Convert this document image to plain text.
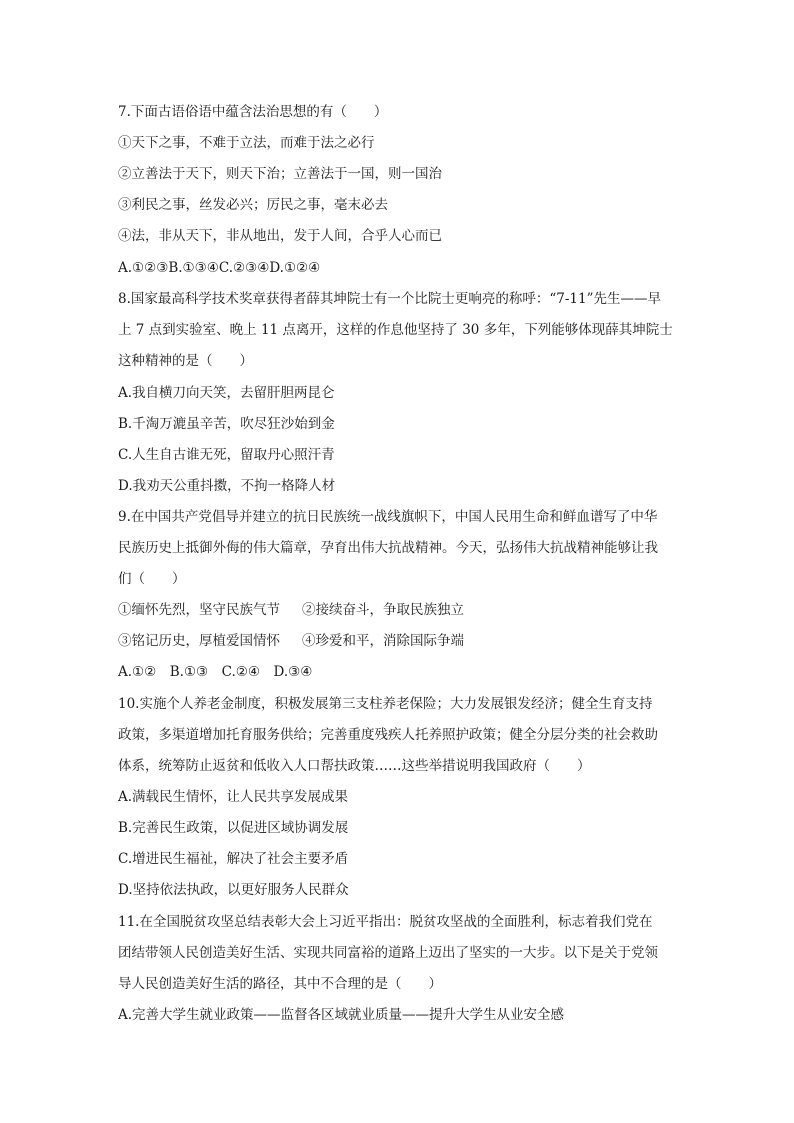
7.下面古语俗语中蕴含法治思想的有（　　）
①天下之事，不难于立法，而难于法之必行
②立善法于天下，则天下治；立善法于一国，则一国治
③利民之事，丝发必兴；厉民之事，毫末必去
④法，非从天下，非从地出，发于人间，合乎人心而已
A.①②③B.①③④C.②③④D.①②④
8.国家最高科学技术奖章获得者薛其坤院士有一个比院士更响亮的称呼：“7-11”先生——早
上 7 点到实验室、晚上 11 点离开，这样的作息他坚持了 30 多年，下列能够体现薛其坤院士
这种精神的是（　　）
A.我自横刀向天笑，去留肝胆两昆仑
B.千淘万漉虽辛苦，吹尽狂沙始到金
C.人生自古谁无死，留取丹心照汗青
D.我劝天公重抖擞，不拘一格降人材
9.在中国共产党倡导并建立的抗日民族统一战线旗帜下，中国人民用生命和鲜血谱写了中华
民族历史上抵御外侮的伟大篇章，孕育出伟大抗战精神。今天，弘扬伟大抗战精神能够让我
们（　　）
①缅怀先烈，坚守民族气节 ②接续奋斗，争取民族独立
③铭记历史，厚植爱国情怀 ④珍爱和平，消除国际争端
A.①②　B.①③　C.②④　D.③④
10.实施个人养老金制度，积极发展第三支柱养老保险；大力发展银发经济；健全生育支持
政策，多渠道增加托育服务供给；完善重度残疾人托养照护政策；健全分层分类的社会救助
体系，统筹防止返贫和低收入人口帮扶政策……这些举措说明我国政府（　　）
A.满载民生情怀，让人民共享发展成果
B.完善民生政策，以促进区域协调发展
C.增进民生福祉，解决了社会主要矛盾
D.坚持依法执政，以更好服务人民群众
11.在全国脱贫攻坚总结表彰大会上习近平指出：脱贫攻坚战的全面胜利，标志着我们党在
团结带领人民创造美好生活、实现共同富裕的道路上迈出了坚实的一大步。以下是关于党领
导人民创造美好生活的路径，其中不合理的是（　　）
A.完善大学生就业政策——监督各区域就业质量——提升大学生从业安全感
